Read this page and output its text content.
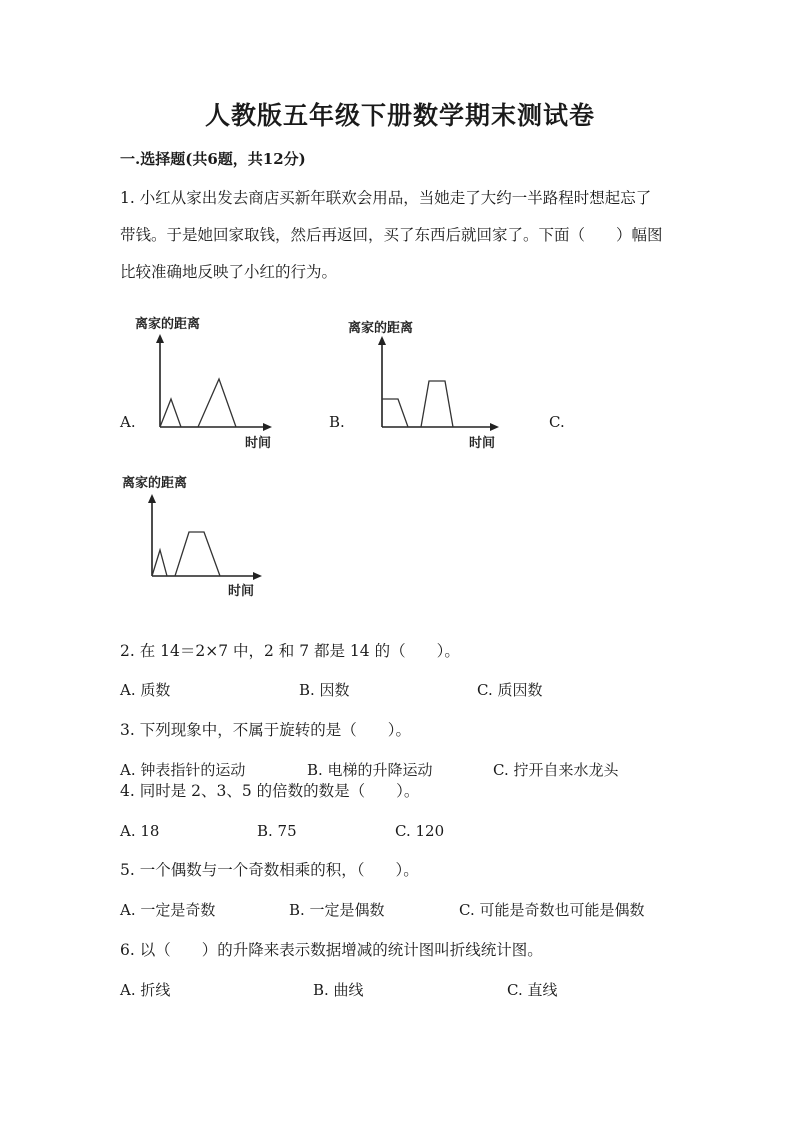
人教版五年级下册数学期末测试卷
一.选择题(共6题，共12分)
1. 小红从家出发去商店买新年联欢会用品，当她走了大约一半路程时想起忘了
带钱。于是她回家取钱，然后再返回，买了东西后就回家了。下面（　　）幅图
比较准确地反映了小红的行为。
A.	B.	C.
离家的距离
时间
离家的距离
时间
离家的距离
时间
2. 在 14＝2×7 中，2 和 7 都是 14 的（　　）。
A. 质数	B. 因数	C. 质因数
3. 下列现象中，不属于旋转的是（　　）。
A. 钟表指针的运动	B. 电梯的升降运动	C. 拧开自来水龙头
4. 同时是 2、3、5 的倍数的数是（　　）。
A. 18	B. 75	C. 120
5. 一个偶数与一个奇数相乘的积，（　　）。
A. 一定是奇数	B. 一定是偶数	C. 可能是奇数也可能是偶数
6. 以（　　）的升降来表示数据增减的统计图叫折线统计图。
A. 折线	B. 曲线	C. 直线
